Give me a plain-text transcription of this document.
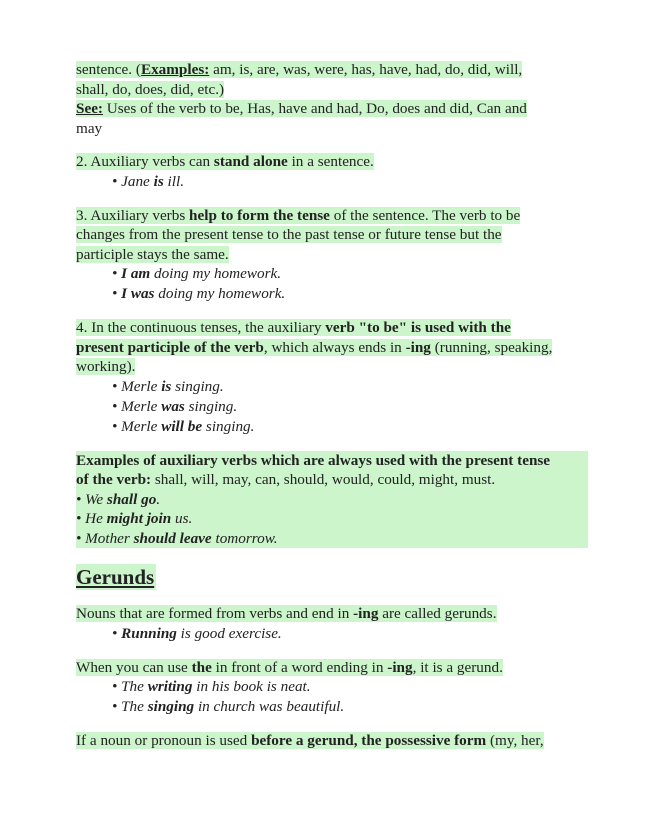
sentence. (Examples: am, is, are, was, were, has, have, had, do, did, will,
shall, do, does, did, etc.)
See: Uses of the verb to be, Has, have and had, Do, does and did, Can and
may
2. Auxiliary verbs can stand alone in a sentence.
• Jane is ill.
3. Auxiliary verbs help to form the tense of the sentence. The verb to be
changes from the present tense to the past tense or future tense but the
participle stays the same.
• I am doing my homework.
• I was doing my homework.
4. In the continuous tenses, the auxiliary verb "to be" is used with the
present participle of the verb, which always ends in -ing (running, speaking,
working).
• Merle is singing.
• Merle was singing.
• Merle will be singing.
Examples of auxiliary verbs which are always used with the present tense
of the verb: shall, will, may, can, should, would, could, might, must.
• We shall go.
• He might join us.
• Mother should leave tomorrow.
Gerunds
Nouns that are formed from verbs and end in -ing are called gerunds.
• Running is good exercise.
When you can use the in front of a word ending in -ing, it is a gerund.
• The writing in his book is neat.
• The singing in church was beautiful.
If a noun or pronoun is used before a gerund, the possessive form (my, her,
